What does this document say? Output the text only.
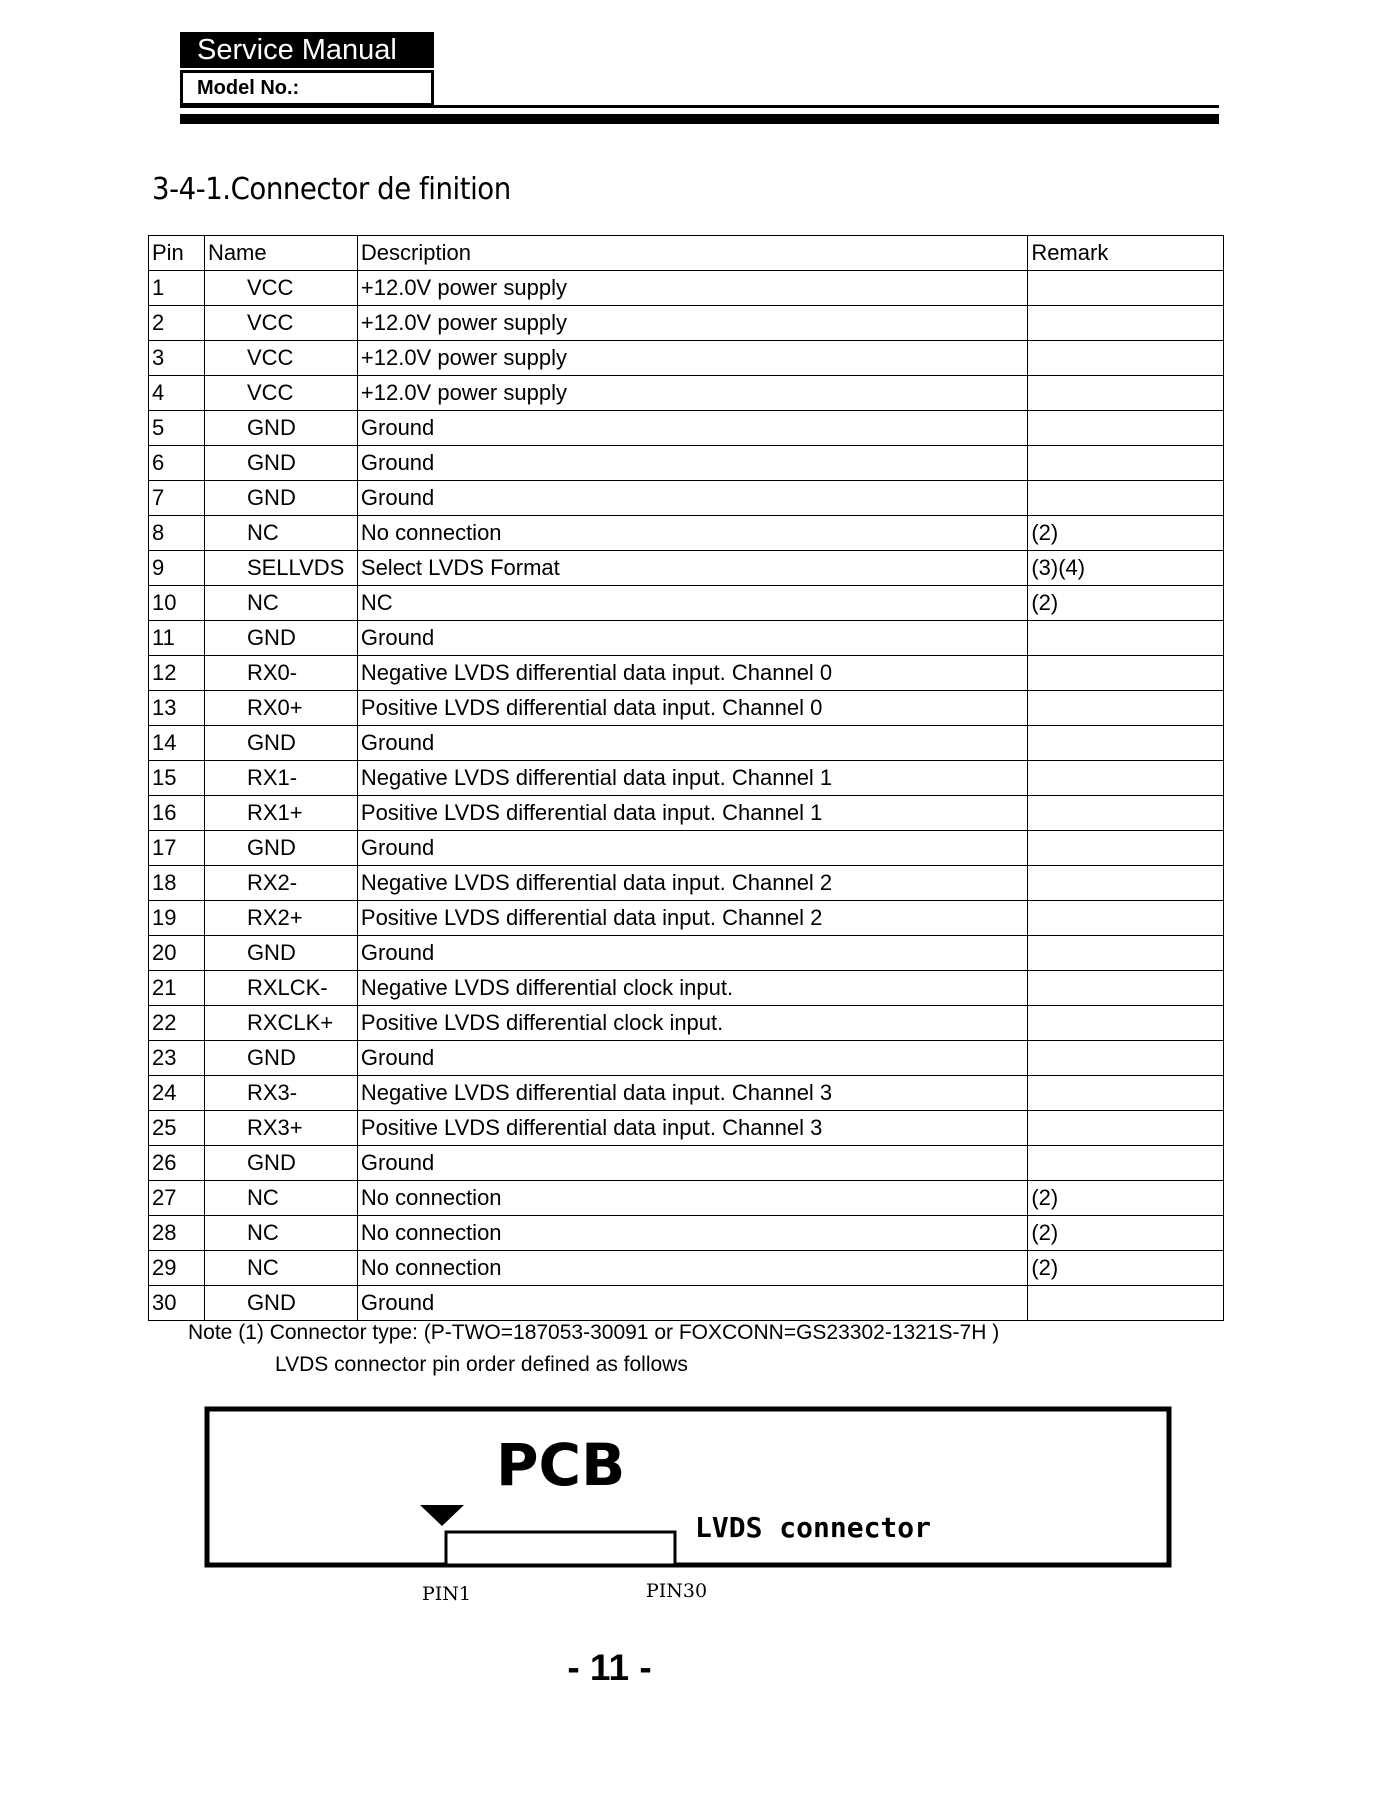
Service Manual
Model No.:
3-4-1.Connector de finition
Pin	Name	Description	Remark
1	VCC	+12.0V power supply	
2	VCC	+12.0V power supply	
3	VCC	+12.0V power supply	
4	VCC	+12.0V power supply	
5	GND	Ground	
6	GND	Ground	
7	GND	Ground	
8	NC	No connection	(2)
9	SELLVDS	Select LVDS Format	(3)(4)
10	NC	NC	(2)
11	GND	Ground	
12	RX0-	Negative LVDS differential data input. Channel 0	
13	RX0+	Positive LVDS differential data input. Channel 0	
14	GND	Ground	
15	RX1-	Negative LVDS differential data input. Channel 1	
16	RX1+	Positive LVDS differential data input. Channel 1	
17	GND	Ground	
18	RX2-	Negative LVDS differential data input. Channel 2	
19	RX2+	Positive LVDS differential data input. Channel 2	
20	GND	Ground	
21	RXLCK-	Negative LVDS differential clock input.	
22	RXCLK+	Positive LVDS differential clock input.	
23	GND	Ground	
24	RX3-	Negative LVDS differential data input. Channel 3	
25	RX3+	Positive LVDS differential data input. Channel 3	
26	GND	Ground	
27	NC	No connection	(2)
28	NC	No connection	(2)
29	NC	No connection	(2)
30	GND	Ground	
Note (1) Connector type: (P-TWO=187053-30091 or FOXCONN=GS23302-1321S-7H )
LVDS connector pin order defined as follows
PCB
LVDS connector
PIN1	PIN30
- 11 -
